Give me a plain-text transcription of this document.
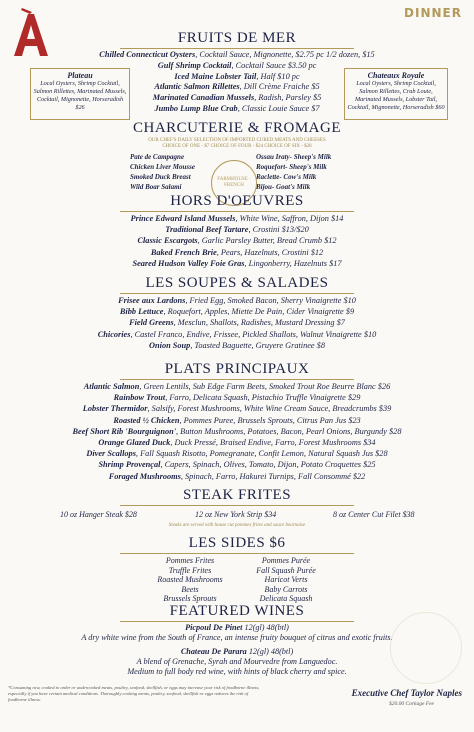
DINNER
FRUITS DE MER
Chilled Connecticut Oysters, Cocktail Sauce, Mignonette, $2.75 pc 1/2 dozen, $15
Gulf Shrimp Cocktail, Cocktail Sauce $3.50 pc
Iced Maine Lobster Tail, Half $10 pc
Atlantic Salmon Rillettes, Dill Crème Fraiche $5
Marinated Canadian Mussels, Radish, Parsley $5
Jumbo Lump Blue Crab, Classic Louie Sauce $7
Plateau
Local Oysters, Shrimp Cocktail, Salmon Rillettes, Marinated Mussels, Cocktail, Mignonette, Horseradish $26
Chateaux Royale
Local Oysters, Shrimp Cocktail, Salmon Rillettes, Crab Louie, Marinated Mussels, Lobster Tail, Cocktail, Mignonette, Horseradish $60
CHARCUTERIE & FROMAGE
OUR CHEF'S DAILY SELECTION OF IMPORTED CURED MEATS AND CHEESES
CHOICE OF ONE - $7 CHOICE OF FOUR - $24 CHOICE OF SIX - $28
Pate de Campagne
Chicken Liver Mousse
Smoked Duck Breast
Wild Boar Salami
Ossau Iraty- Sheep's Milk
Roquefort- Sheep's Milk
Raclette- Cow's Milk
Bijou- Goat's Milk
FARMHOUSE · FRENCH
HORS D'OEUVRES
Prince Edward Island Mussels, White Wine, Saffron, Dijon $14
Traditional Beef Tartare, Crostini $13/$20
Classic Escargots, Garlic Parsley Butter, Bread Crumb $12
Baked French Brie, Pears, Hazelnuts, Crostini $12
Seared Hudson Valley Foie Gras, Lingonberry, Hazelnuts $17
LES SOUPES & SALADES
Frisee aux Lardons, Fried Egg, Smoked Bacon, Sherry Vinaigrette $10
Bibb Lettuce, Roquefort, Apples, Miette De Pain, Cider Vinaigrette $9
Field Greens, Mesclun, Shallots, Radishes, Mustard Dressing $7
Chicories, Castel Franco, Endive, Frissee, Pickled Shallots, Walnut Vinaigrette $10
Onion Soup, Toasted Baguette, Gruyere Gratinee $8
PLATS PRINCIPAUX
Atlantic Salmon, Green Lentils, Sub Edge Farm Beets, Smoked Trout Roe Beurre Blanc $26
Rainbow Trout, Farro, Delicata Squash, Pistachio Truffle Vinaigrette $29
Lobster Thermidor, Salsify, Forest Mushrooms, White Wine Cream Sauce, Breadcrumbs $39
Roasted ½ Chicken, Pommes Puree, Brussels Sprouts, Citrus Pan Jus $23
Beef Short Rib 'Bourguignon', Button Mushrooms, Potatoes, Bacon, Pearl Onions, Burgundy $28
Orange Glazed Duck, Duck Pressé, Braised Endive, Farro, Forest Mushrooms $34
Diver Scallops, Fall Squash Risotto, Pomegranate, Confit Lemon, Natural Squash Jus $28
Shrimp Provençal, Capers, Spinach, Olives, Tomato, Dijon, Potato Croquettes $25
Foraged Mushrooms, Spinach, Farro, Hakurei Turnips, Fall Consommé $22
STEAK FRITES
10 oz Hanger Steak $28	12 oz New York Strip $34	8 oz Center Cut Filet $38
Steaks are served with house cut pommes frites and sauce bearnaise
LES SIDES $6
Pommes Frites
Truffle Frites
Roasted Mushrooms
Beets
Brussels Sprouts
Pommes Purée
Fall Squash Purée
Haricot Verts
Baby Carrots
Delicata Squash
FEATURED WINES
Picpoul De Pinet 12(gl) 48(btl)
A dry white wine from the South of France, an intense fruity bouquet of citrus and exotic fruits.
Chateau De Parara 12(gl) 48(btl)
A blend of Grenache, Syrah and Mourvedre from Languedoc.
Medium to full body red wine, with hints of black cherry and spice.
*Consuming raw, cooked to order or undercooked meats, poultry, seafood, shellfish, or eggs may increase your risk of foodborne illness, especially if you have certain medical conditions. Thoroughly cooking meats, poultry, seafood, shellfish or eggs reduces the risk of foodborne illness.
Executive Chef Taylor Naples
$20.00 Corkage Fee
